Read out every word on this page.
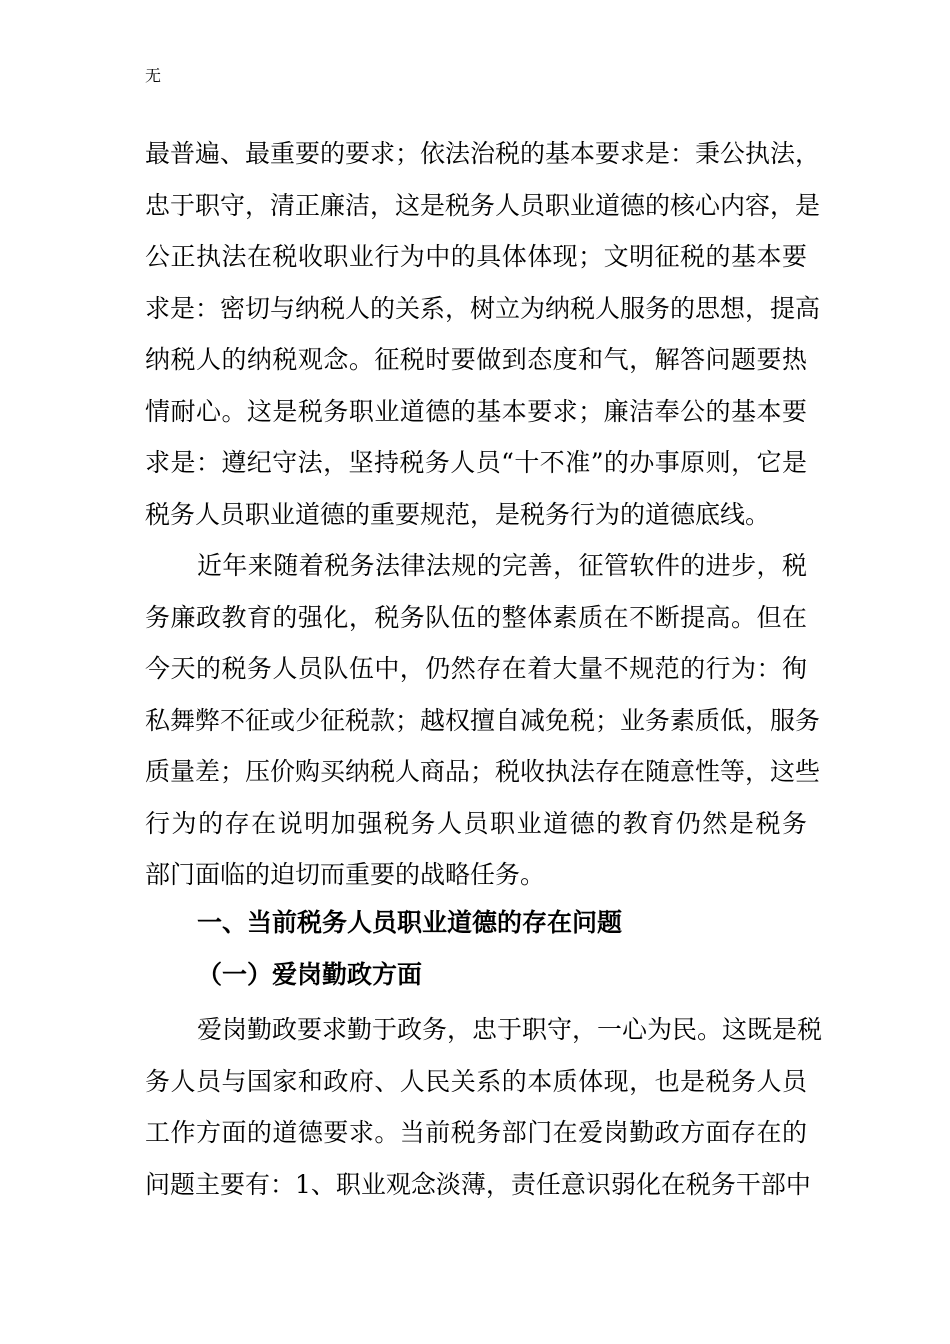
无
最普遍、最重要的要求；依法治税的基本要求是：秉公执法，
忠于职守，清正廉洁，这是税务人员职业道德的核心内容，是
公正执法在税收职业行为中的具体体现；文明征税的基本要
求是：密切与纳税人的关系，树立为纳税人服务的思想，提高
纳税人的纳税观念。征税时要做到态度和气，解答问题要热
情耐心。这是税务职业道德的基本要求；廉洁奉公的基本要
求是：遵纪守法，坚持税务人员“十不准”的办事原则，它是
税务人员职业道德的重要规范，是税务行为的道德底线。
近年来随着税务法律法规的完善，征管软件的进步，税
务廉政教育的强化，税务队伍的整体素质在不断提高。但在
今天的税务人员队伍中，仍然存在着大量不规范的行为：徇
私舞弊不征或少征税款；越权擅自减免税；业务素质低，服务
质量差；压价购买纳税人商品；税收执法存在随意性等，这些
行为的存在说明加强税务人员职业道德的教育仍然是税务
部门面临的迫切而重要的战略任务。
一、当前税务人员职业道德的存在问题
（一）爱岗勤政方面
爱岗勤政要求勤于政务，忠于职守，一心为民。这既是税
务人员与国家和政府、人民关系的本质体现，也是税务人员
工作方面的道德要求。当前税务部门在爱岗勤政方面存在的
问题主要有：1、职业观念淡薄，责任意识弱化在税务干部中
